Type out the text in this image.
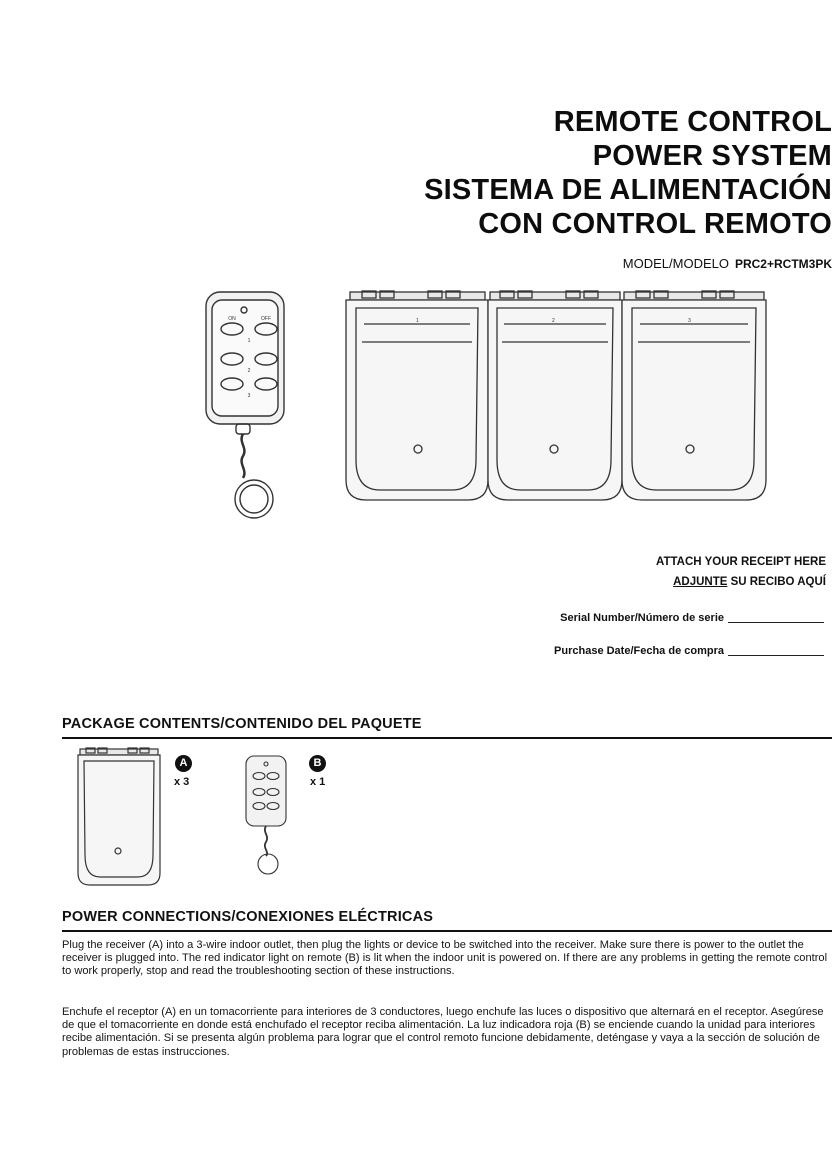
REMOTE CONTROL
POWER SYSTEM
SISTEMA DE ALIMENTACIÓN
CON CONTROL REMOTO
MODEL/MODELO PRC2+RCTM3PK
ON	OFF
1
2
3
1	2	3
ATTACH YOUR RECEIPT HERE
ADJUNTE SU RECIBO AQUÍ
Serial Number/Número de serie
Purchase Date/Fecha de compra
PACKAGE CONTENTS/CONTENIDO DEL PAQUETE
A
x 3
B
x 1
POWER CONNECTIONS/CONEXIONES ELÉCTRICAS
Plug the receiver (A) into a 3-wire indoor outlet, then plug the lights or device to be switched into the receiver. Make sure there is power to the outlet the receiver is plugged into. The red indicator light on remote (B) is lit when the indoor unit is powered on. If there are any problems in getting the remote control to work properly, stop and read the troubleshooting section of these instructions.
Enchufe el receptor (A) en un tomacorriente para interiores de 3 conductores, luego enchufe las luces o dispositivo que alternará en el receptor. Asegúrese de que el tomacorriente en donde está enchufado el receptor reciba alimentación. La luz indicadora roja (B) se enciende cuando la unidad para interiores recibe alimentación. Si se presenta algún problema para lograr que el control remoto funcione debidamente, deténgase y vaya a la sección de solución de problemas de estas instrucciones.
